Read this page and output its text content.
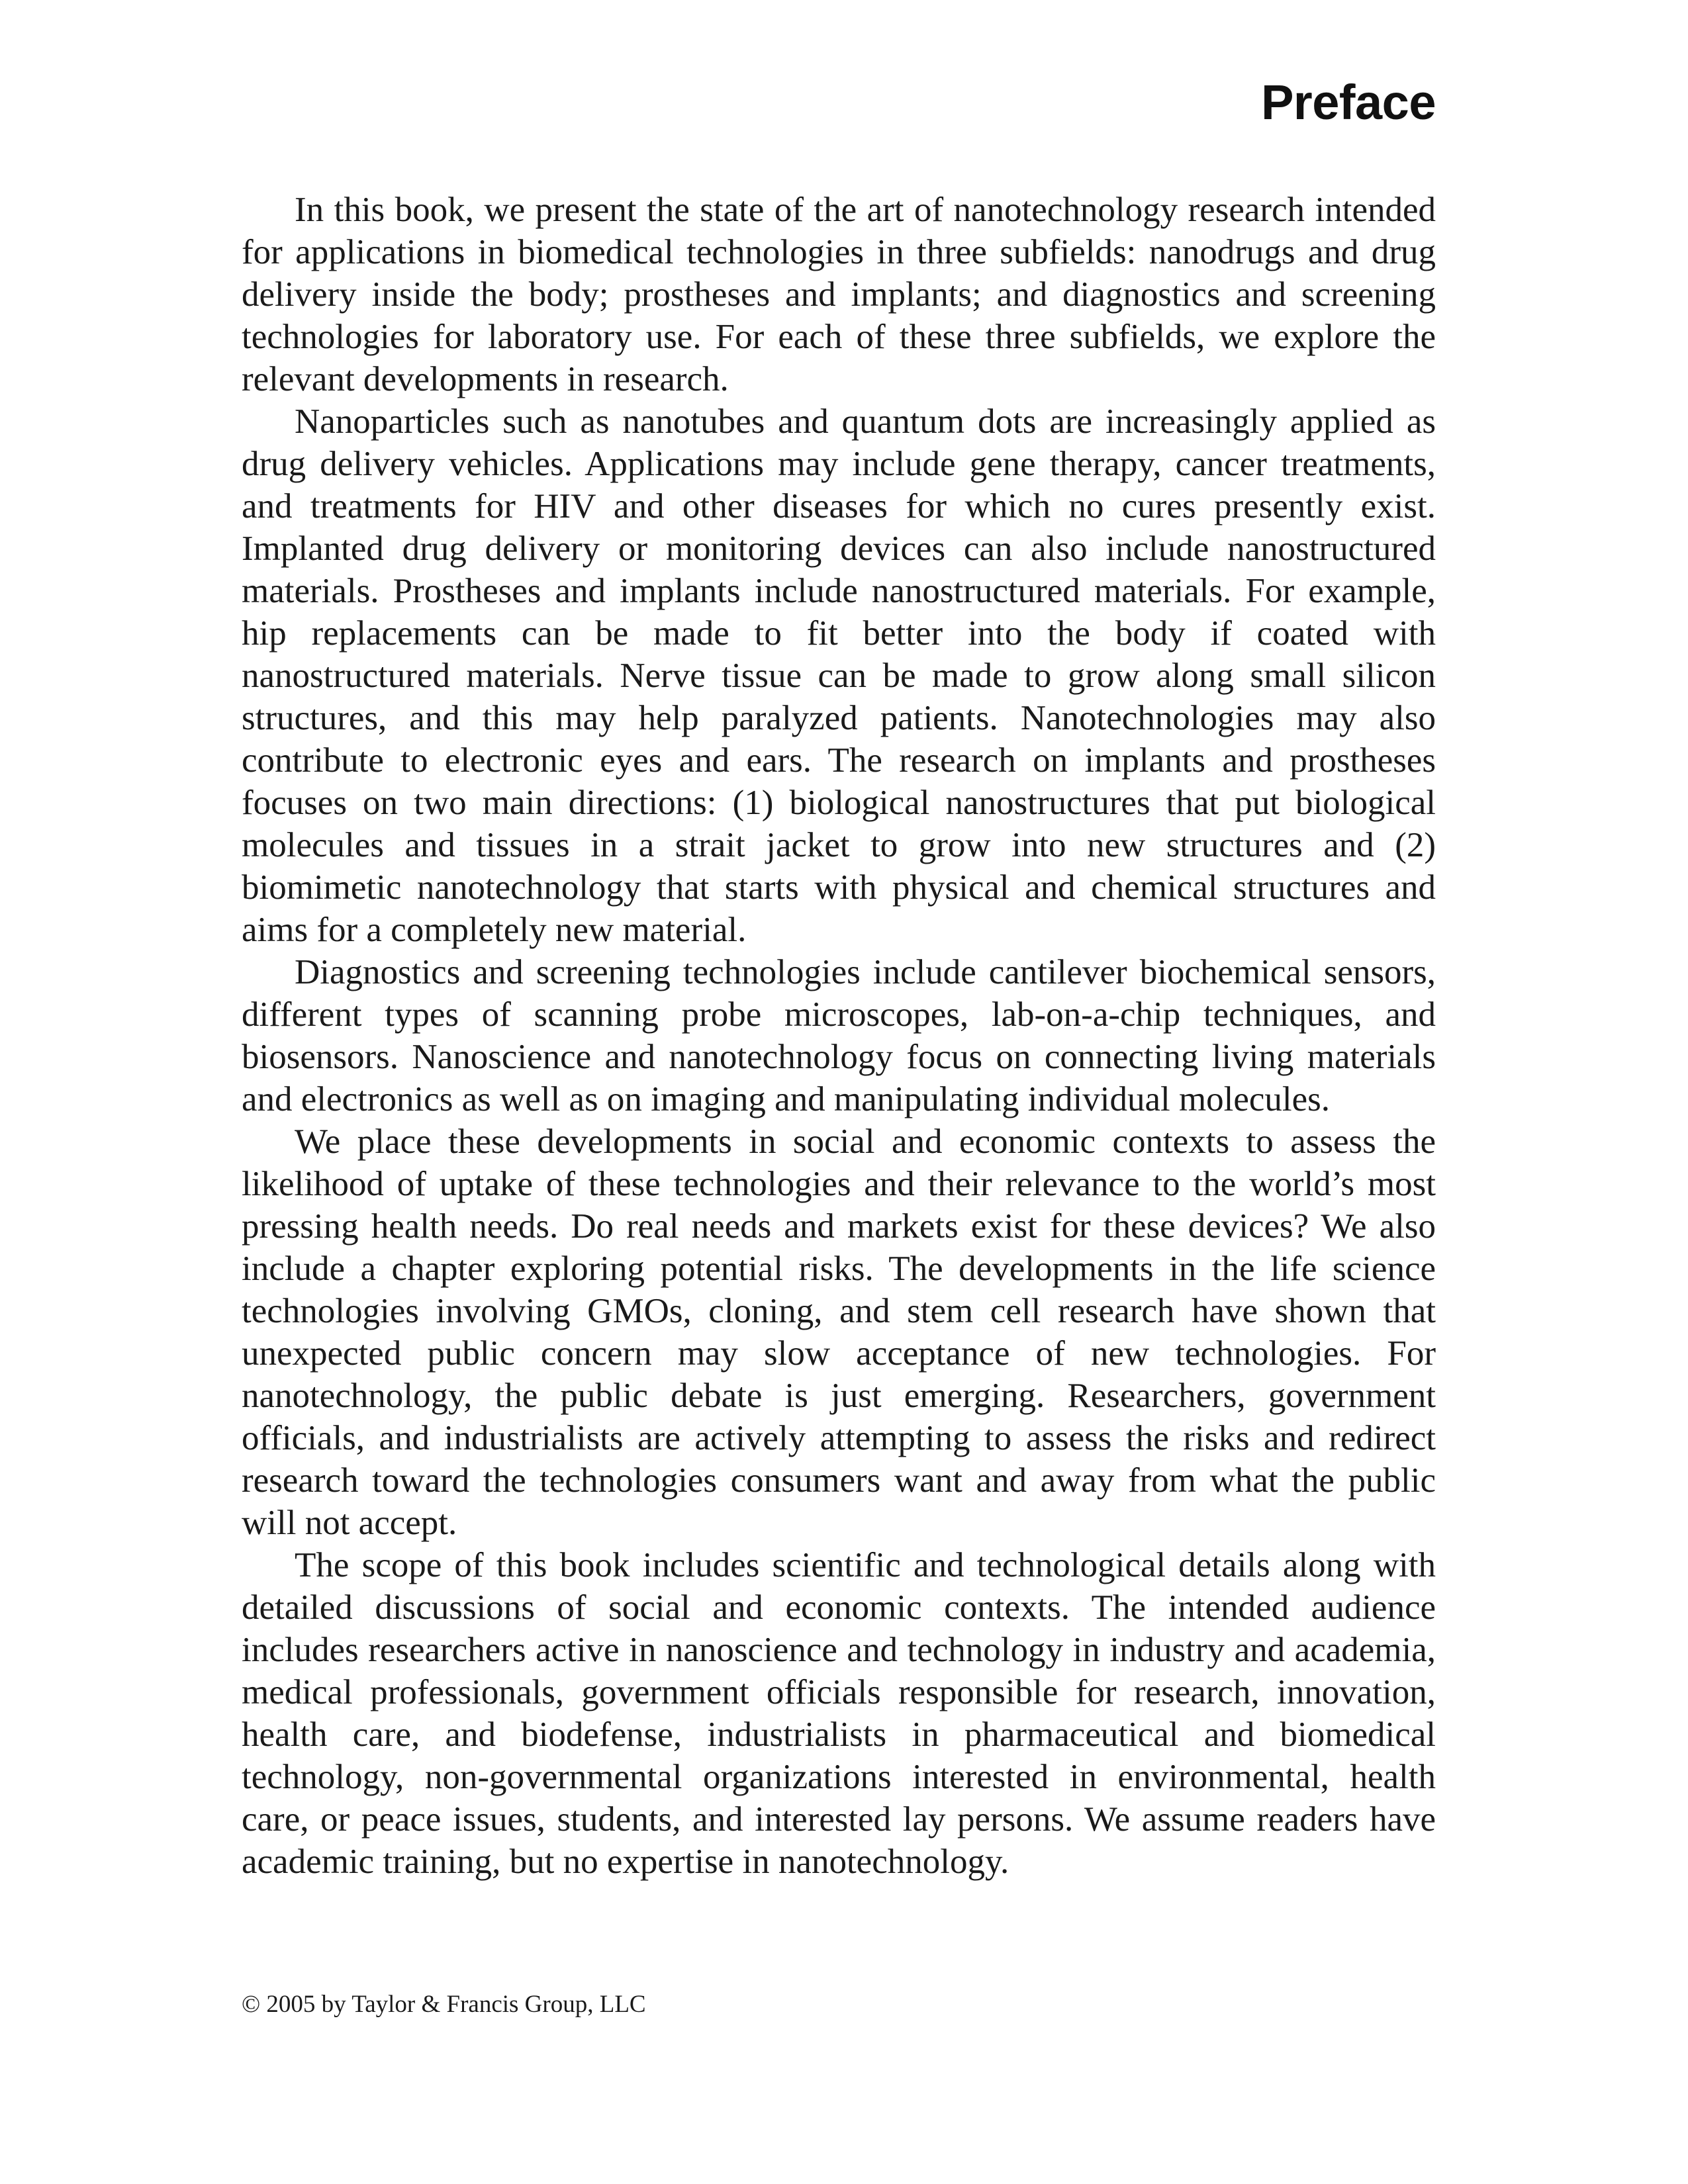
Preface

In this book, we present the state of the art of nanotechnology research intended for applications in biomedical technologies in three subfields: nanodrugs and drug delivery inside the body; prostheses and implants; and diagnostics and screening technologies for laboratory use. For each of these three subfields, we explore the relevant developments in research.

Nanoparticles such as nanotubes and quantum dots are increasingly applied as drug delivery vehicles. Applications may include gene therapy, cancer treatments, and treatments for HIV and other diseases for which no cures presently exist. Implanted drug delivery or monitoring devices can also include nanostructured materials. Prostheses and implants include nanostructured materials. For example, hip replacements can be made to fit better into the body if coated with nanostructured materials. Nerve tissue can be made to grow along small silicon structures, and this may help paralyzed patients. Nanotechnologies may also contribute to electronic eyes and ears. The research on implants and prostheses focuses on two main directions: (1) biological nanostructures that put biological molecules and tissues in a strait jacket to grow into new structures and (2) biomimetic nanotechnology that starts with physical and chemical structures and aims for a completely new material.

Diagnostics and screening technologies include cantilever biochemical sensors, different types of scanning probe microscopes, lab-on-a-chip techniques, and biosensors. Nanoscience and nanotechnology focus on connecting living materials and electronics as well as on imaging and manipulating individual molecules.

We place these developments in social and economic contexts to assess the likelihood of uptake of these technologies and their relevance to the world’s most pressing health needs. Do real needs and markets exist for these devices? We also include a chapter exploring potential risks. The developments in the life science technologies involving GMOs, cloning, and stem cell research have shown that unexpected public concern may slow acceptance of new technologies. For nanotechnology, the public debate is just emerging. Researchers, government officials, and industrialists are actively attempting to assess the risks and redirect research toward the technologies consumers want and away from what the public will not accept.

The scope of this book includes scientific and technological details along with detailed discussions of social and economic contexts. The intended audience includes researchers active in nanoscience and technology in industry and academia, medical professionals, government officials responsible for research, innovation, health care, and biodefense, industrialists in pharmaceutical and biomedical technology, non-governmental organizations interested in environmental, health care, or peace issues, students, and interested lay persons. We assume readers have academic training, but no expertise in nanotechnology.

© 2005 by Taylor & Francis Group, LLC
